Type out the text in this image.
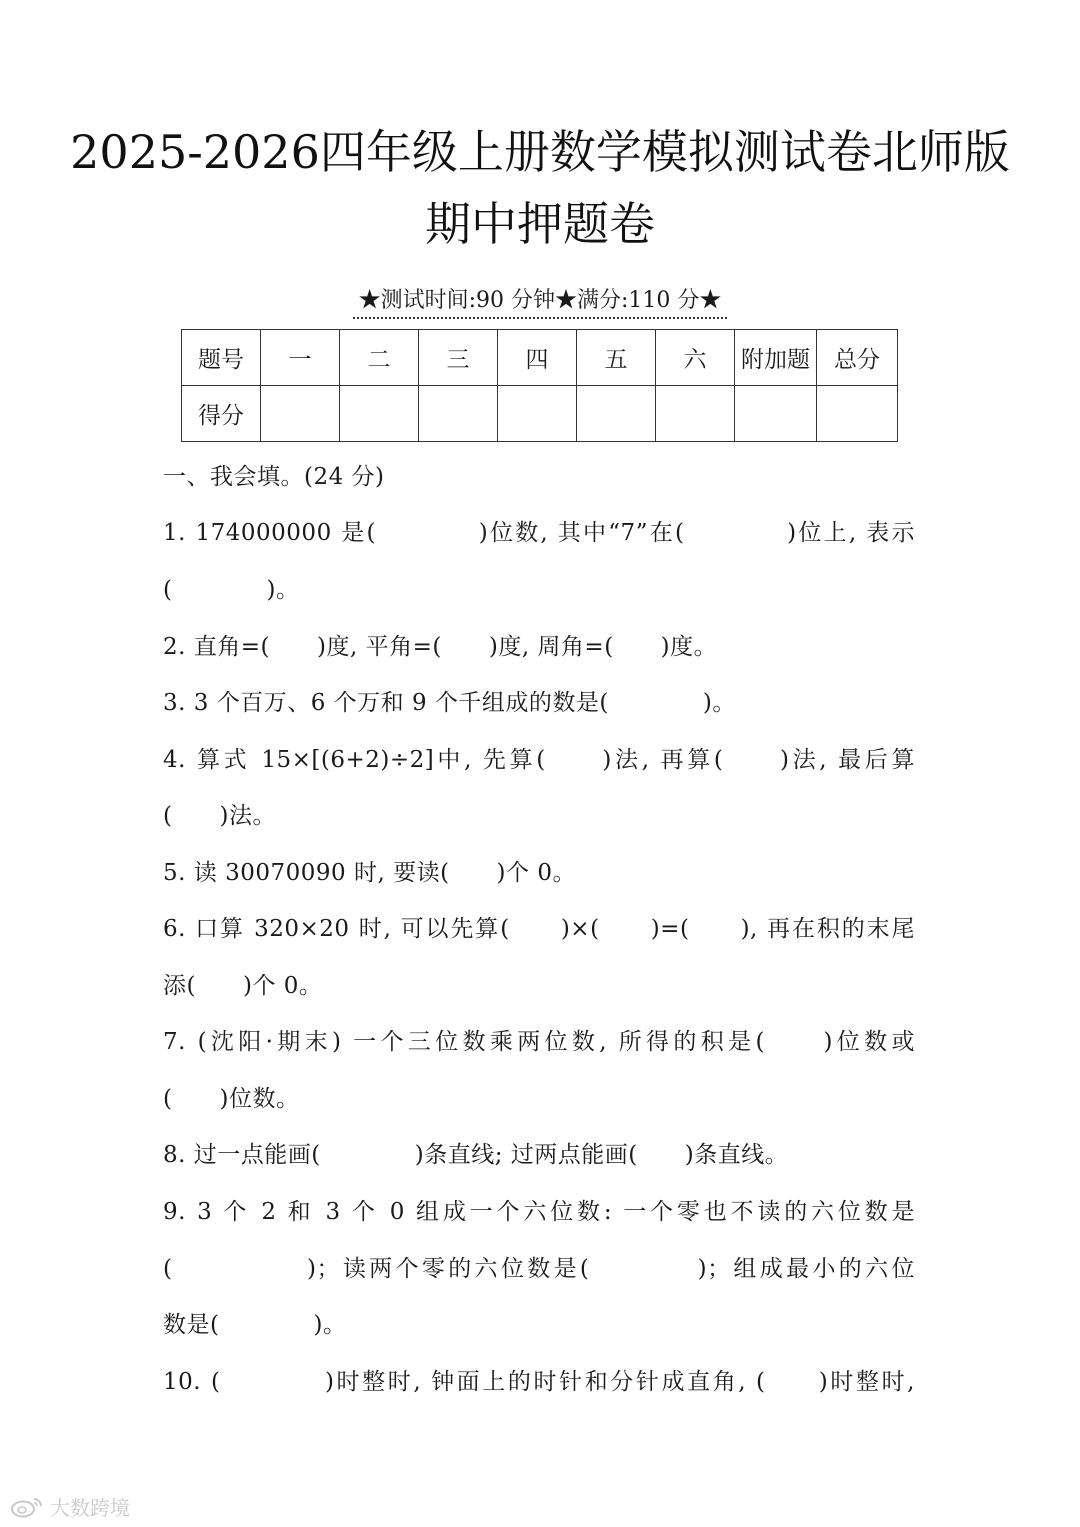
2025-2026四年级上册数学模拟测试卷北师版
期中押题卷
★测试时间:90 分钟★满分:110 分★
题号	一	二	三	四	五	六	附加题	总分
得分								
一、我会填。(24 分)
1. 174000000 是(　　　　)位数, 其中“7”在(　　　　)位上, 表示
(　　　　)。
2. 直角=(　　)度, 平角=(　　)度, 周角=(　　)度。
3. 3 个百万、6 个万和 9 个千组成的数是(　　　　)。
4. 算式 15×[(6+2)÷2]中, 先算(　　)法, 再算(　　)法, 最后算
(　　)法。
5. 读 30070090 时, 要读(　　)个 0。
6. 口算 320×20 时, 可以先算(　　)×(　　)=(　　), 再在积的末尾
添(　　)个 0。
7. (沈阳·期末) 一个三位数乘两位数, 所得的积是(　　)位数或
(　　)位数。
8. 过一点能画(　　　　)条直线; 过两点能画(　　)条直线。
9. 3 个 2 和 3 个 0 组成一个六位数: 一个零也不读的六位数是
(　　　　　)；读两个零的六位数是(　　　　)；组成最小的六位
数是(　　　　)。
10. (　　　　)时整时, 钟面上的时针和分针成直角, (　　)时整时,
大数跨境
